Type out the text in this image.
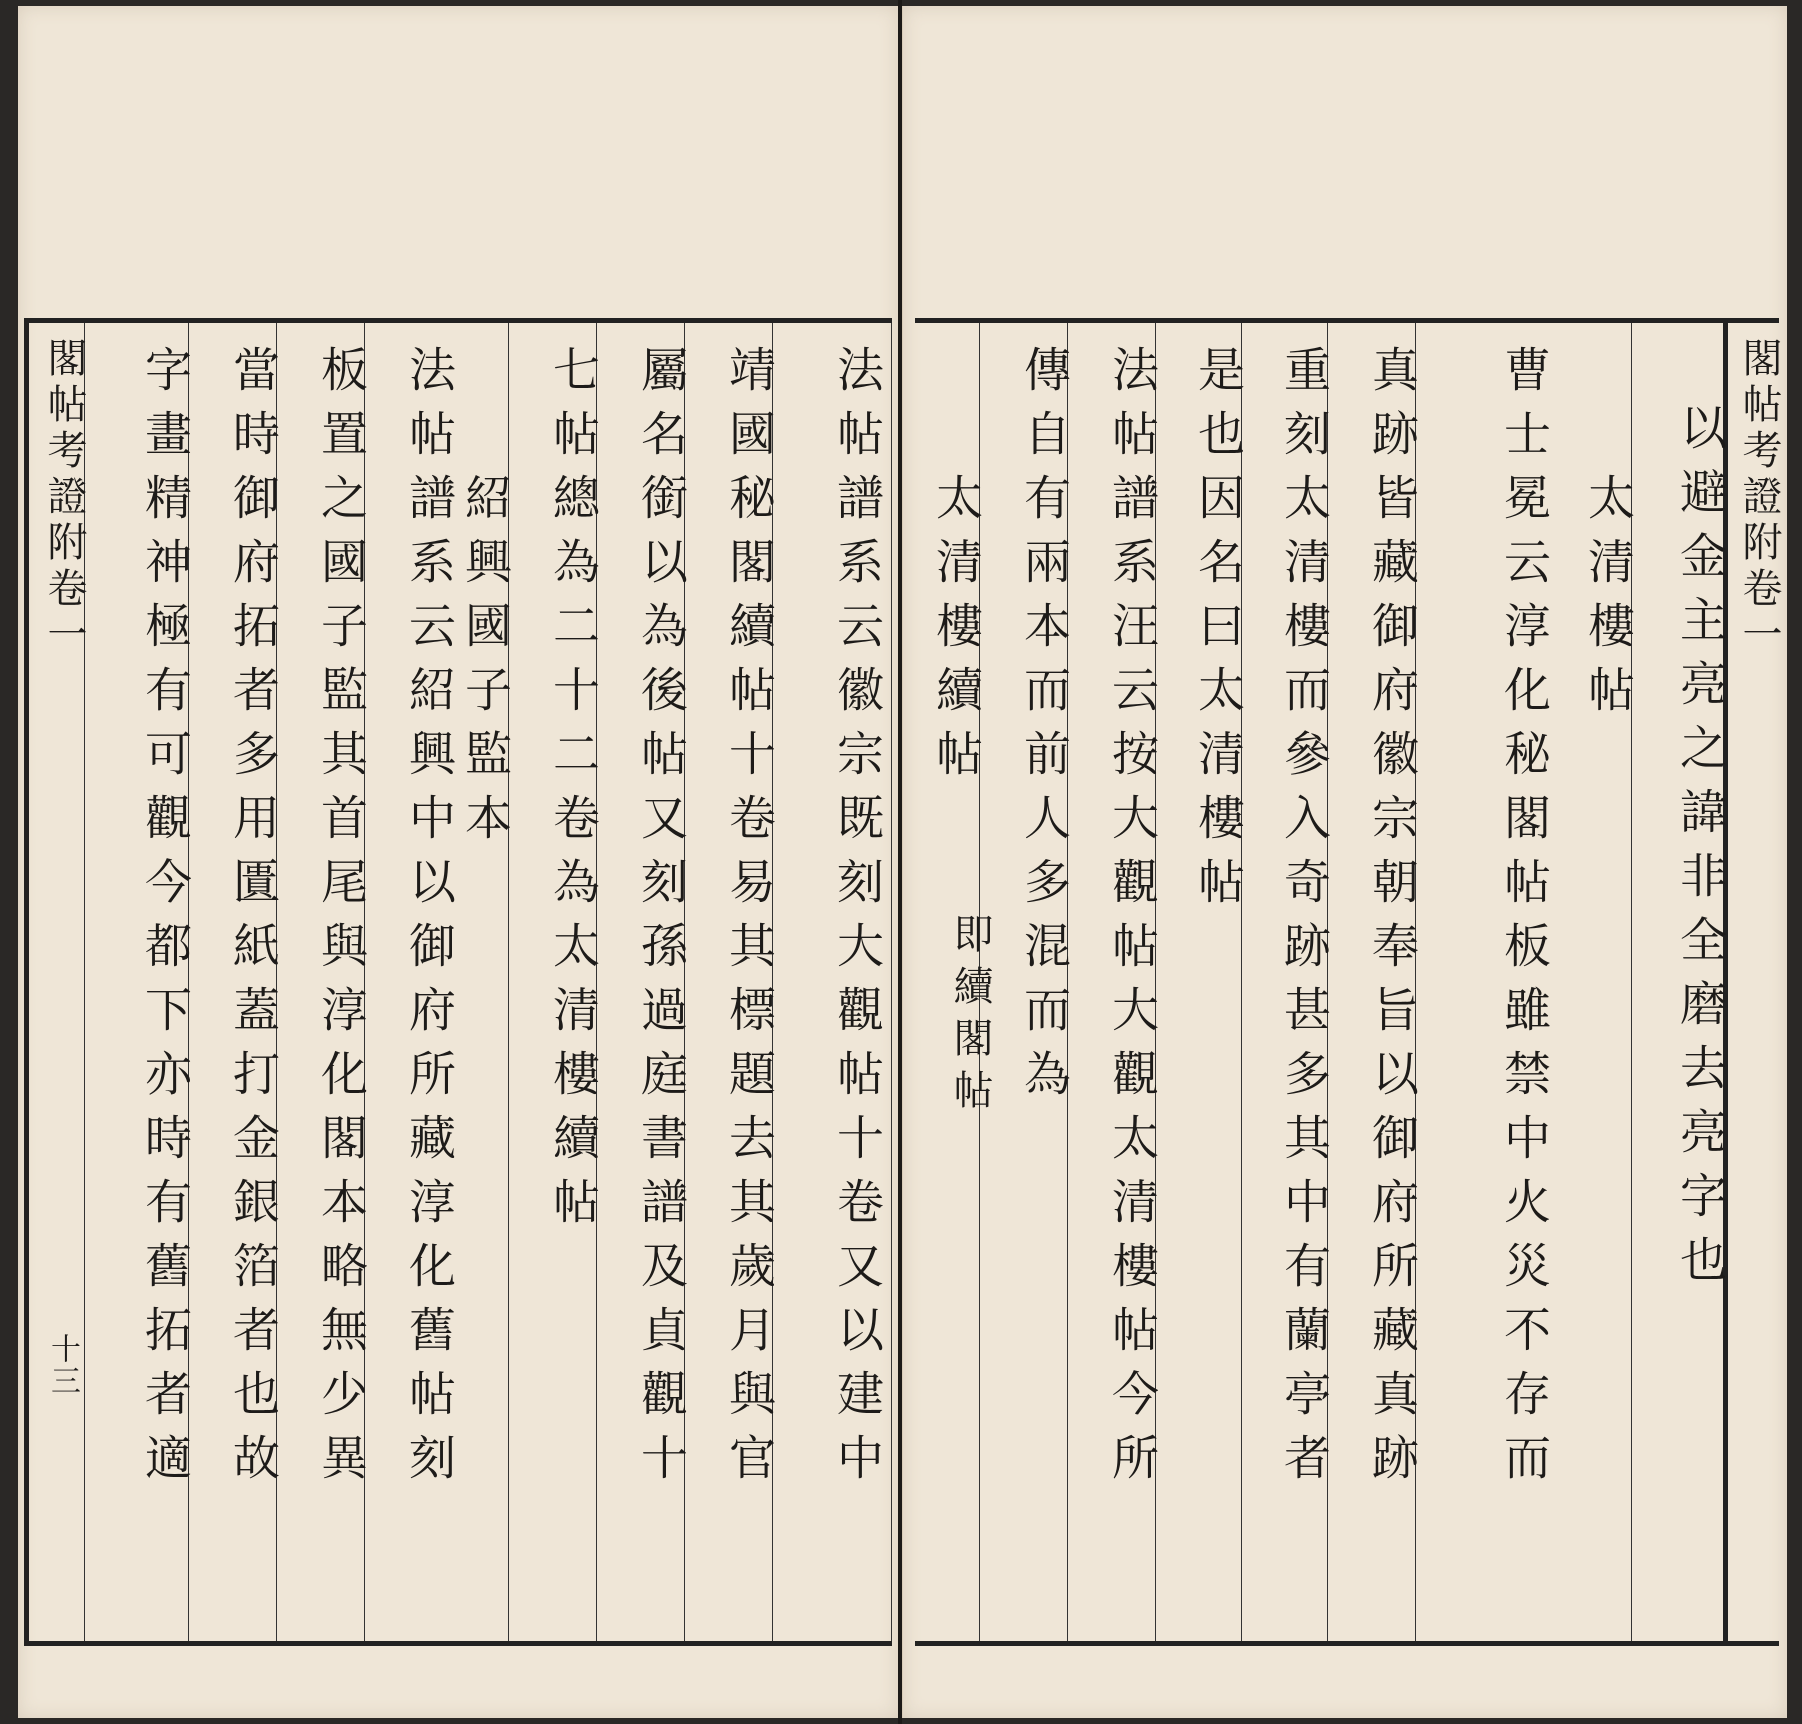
法帖譜系云徽宗既刻大觀帖十卷又以建中
靖國秘閣續帖十卷易其標題去其歲月與官
屬名銜以為後帖又刻孫過庭書譜及貞觀十
七帖總為二十二卷為太清樓續帖
紹興國子監本
法帖譜系云紹興中以御府所藏淳化舊帖刻
板置之國子監其首尾與淳化閣本略無少異
當時御府拓者多用匱紙蓋打金銀箔者也故
字畫精神極有可觀今都下亦時有舊拓者適
閣帖考證附卷一
十三
閣帖考證附卷一
以避金主亮之諱非全磨去亮字也
太清樓帖
曹士冕云淳化秘閣帖板雖禁中火災不存而
真跡皆藏御府徽宗朝奉旨以御府所藏真跡
重刻太清樓而參入奇跡甚多其中有蘭亭者
是也因名曰太清樓帖
法帖譜系汪云按大觀帖大觀太清樓帖今所
傳自有兩本而前人多混而為
太清樓續帖
即續閣帖
